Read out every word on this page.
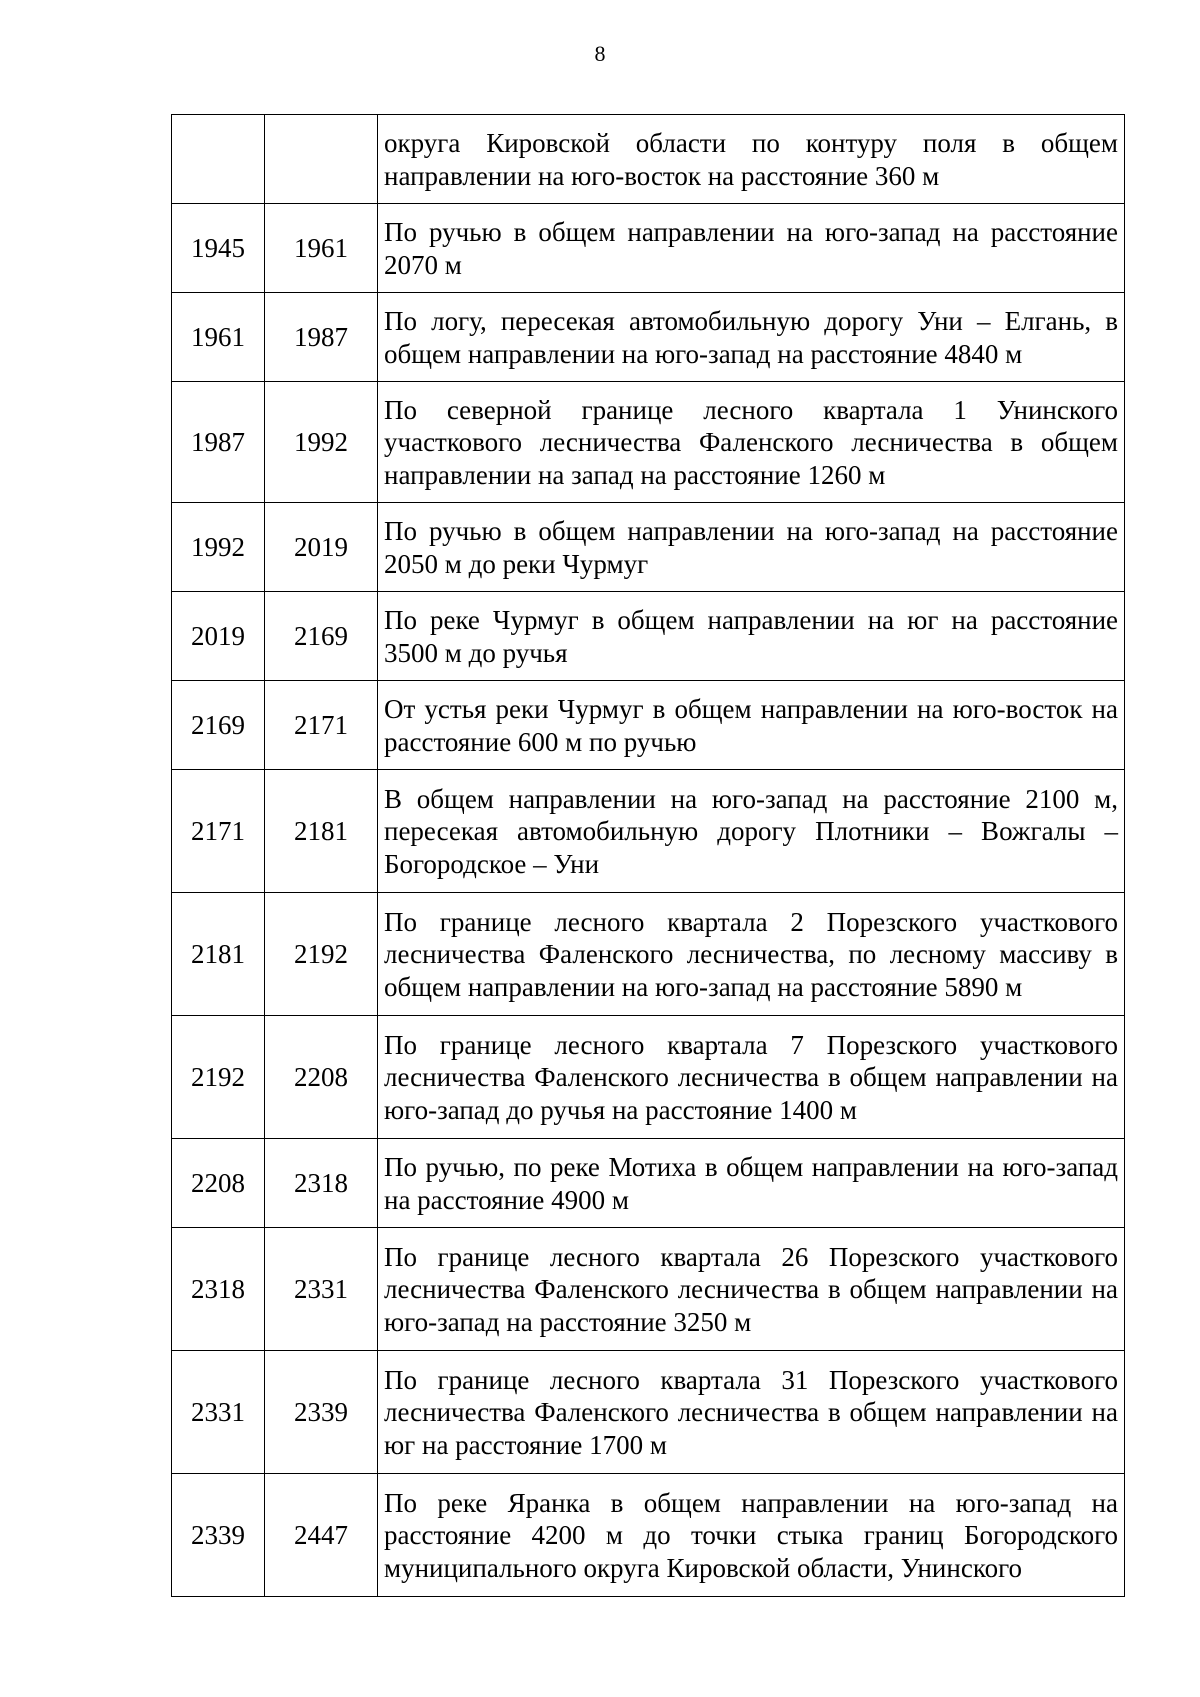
8
		округа Кировской области по контуру поля в общем направлении на юго-восток на расстояние 360 м
1945	1961	По ручью в общем направлении на юго-запад на расстояние 2070 м
1961	1987	По логу, пересекая автомобильную дорогу Уни – Елгань, в общем направлении на юго-запад на расстояние 4840 м
1987	1992	По северной границе лесного квартала 1 Унинского участкового лесничества Фаленского лесничества в общем направлении на запад на расстояние 1260 м
1992	2019	По ручью в общем направлении на юго-запад на расстояние 2050 м до реки Чурмуг
2019	2169	По реке Чурмуг в общем направлении на юг на расстояние 3500 м до ручья
2169	2171	От устья реки Чурмуг в общем направлении на юго-восток на расстояние 600 м по ручью
2171	2181	В общем направлении на юго-запад на расстояние 2100 м, пересекая автомобильную дорогу Плотники – Вожгалы – Богородское – Уни
2181	2192	По границе лесного квартала 2 Порезского участкового лесничества Фаленского лесничества, по лесному массиву в общем направлении на юго-запад на расстояние 5890 м
2192	2208	По границе лесного квартала 7 Порезского участкового лесничества Фаленского лесничества в общем направлении на юго-запад до ручья на расстояние 1400 м
2208	2318	По ручью, по реке Мотиха в общем направлении на юго-запад на расстояние 4900 м
2318	2331	По границе лесного квартала 26 Порезского участкового лесничества Фаленского лесничества в общем направлении на юго-запад на расстояние 3250 м
2331	2339	По границе лесного квартала 31 Порезского участкового лесничества Фаленского лесничества в общем направлении на юг на расстояние 1700 м
2339	2447	По реке Яранка в общем направлении на юго-запад на расстояние 4200 м до точки стыка границ Богородского муниципального округа Кировской области, Унинского
